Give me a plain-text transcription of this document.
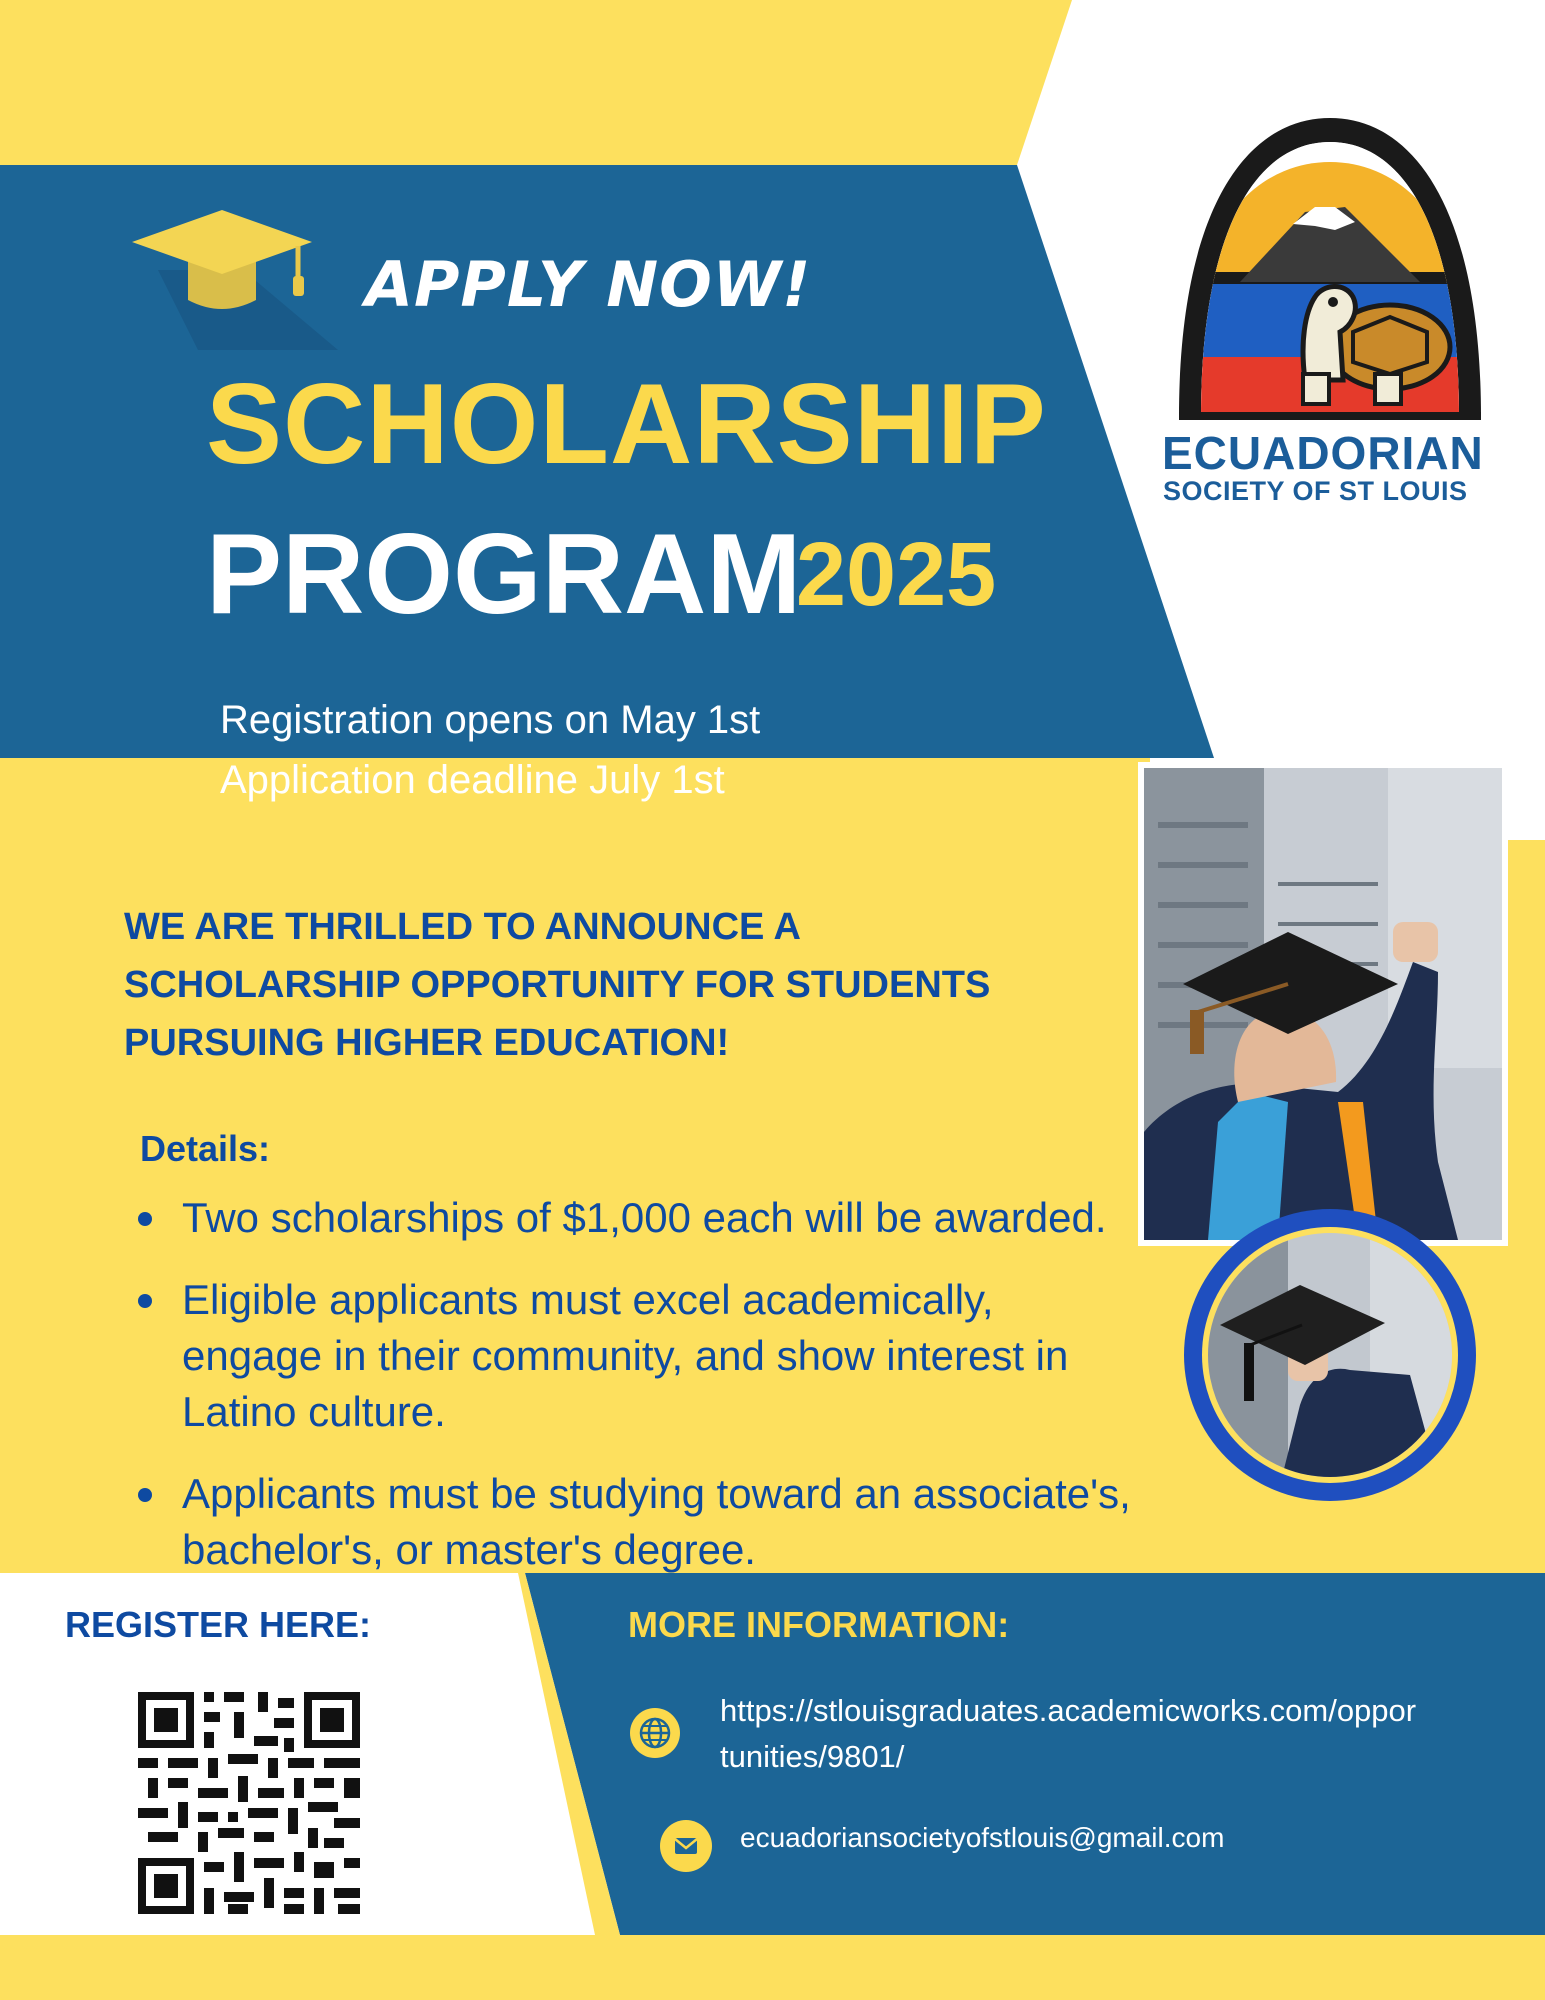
APPLY NOW!
SCHOLARSHIP
PROGRAM
2025
Registration opens on May 1st
Application deadline July 1st
ECUADORIAN
SOCIETY OF ST LOUIS
WE ARE THRILLED TO ANNOUNCE A SCHOLARSHIP OPPORTUNITY FOR STUDENTS PURSUING HIGHER EDUCATION!
Details:
Two scholarships of $1,000 each will be awarded.
Eligible applicants must excel academically, engage in their community, and show interest in Latino culture.
Applicants must be studying toward an associate's, bachelor's, or master's degree.
REGISTER HERE:	MORE INFORMATION:
https://stlouisgraduates.academicworks.com/opportunities/9801/
ecuadoriansocietyofstlouis@gmail.com
